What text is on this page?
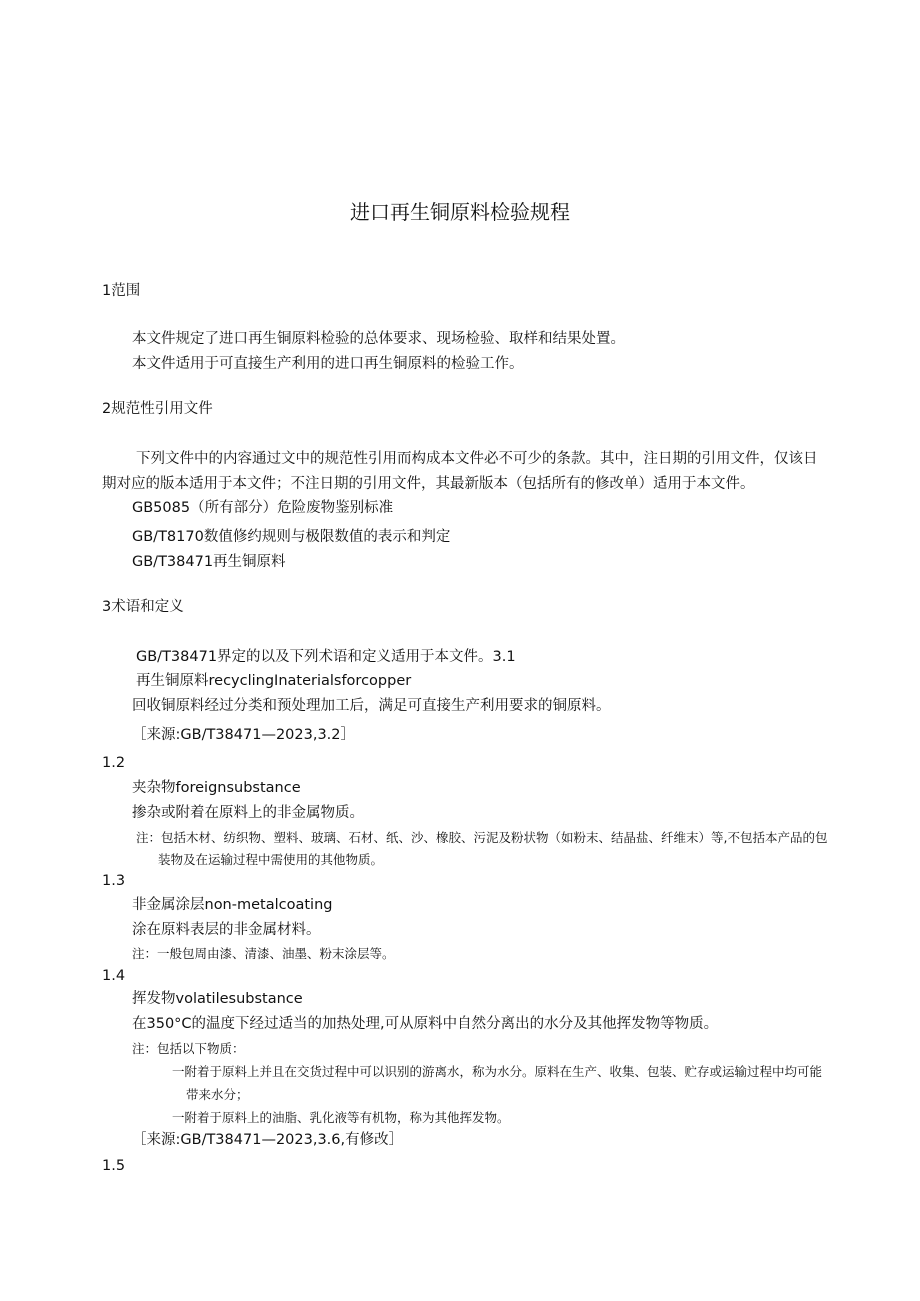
进口再生铜原料检验规程
1范围
本文件规定了进口再生铜原料检验的总体要求、现场检验、取样和结果处置。
本文件适用于可直接生产利用的进口再生铜原料的检验工作。
2规范性引用文件
下列文件中的内容通过文中的规范性引用而构成本文件必不可少的条款。其中，注日期的引用文件，仅该日
期对应的版本适用于本文件；不注日期的引用文件，其最新版本（包括所有的修改单）适用于本文件。
GB5085（所有部分）危险废物鉴别标准
GB/T8170数值修约规则与极限数值的表示和判定
GB/T38471再生铜原料
3术语和定义
GB/T38471界定的以及下列术语和定义适用于本文件。3.1
再生铜原料recyclingInaterialsforcopper
回收铜原料经过分类和预处理加工后，满足可直接生产利用要求的铜原料。
［来源:GB/T38471—2023,3.2］
1.2
夹杂物foreignsubstance
掺杂或附着在原料上的非金属物质。
注：包括木材、纺织物、塑料、玻璃、石材、纸、沙、橡胶、污泥及粉状物（如粉末、结晶盐、纤维末）等,不包括本产品的包
装物及在运输过程中需使用的其他物质。
1.3
非金属涂层non-metalcoating
涂在原料表层的非金属材料。
注：一般包周由漆、清漆、油墨、粉末涂层等。
1.4
挥发物volatilesubstance
在350°C的温度下经过适当的加热处理,可从原料中自然分离出的水分及其他挥发物等物质。
注：包括以下物质：
一附着于原料上并且在交货过程中可以识别的游离水，称为水分。原料在生产、收集、包装、贮存或运输过程中均可能
带来水分；
一附着于原料上的油脂、乳化液等有机物，称为其他挥发物。
［来源:GB/T38471—2023,3.6,有修改］
1.5
